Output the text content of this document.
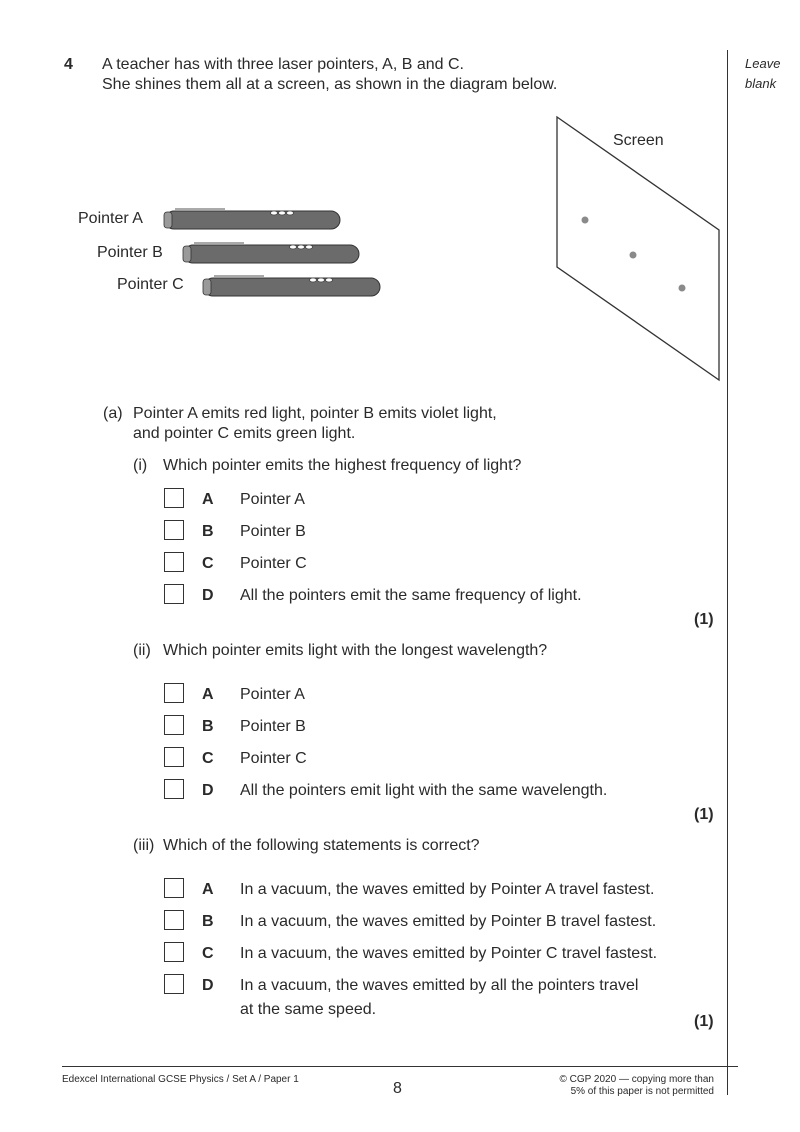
Leave
blank
4 A teacher has with three laser pointers, A, B and C.
She shines them all at a screen, as shown in the diagram below.
Screen
Pointer A
Pointer B
Pointer C
(a) Pointer A emits red light, pointer B emits violet light,
and pointer C emits green light.
(i) Which pointer emits the highest frequency of light?
A Pointer A
B Pointer B
C Pointer C
D All the pointers emit the same frequency of light.
(1)
(ii) Which pointer emits light with the longest wavelength?
A Pointer A
B Pointer B
C Pointer C
D All the pointers emit light with the same wavelength.
(1)
(iii) Which of the following statements is correct?
A In a vacuum, the waves emitted by Pointer A travel fastest.
B In a vacuum, the waves emitted by Pointer B travel fastest.
C In a vacuum, the waves emitted by Pointer C travel fastest.
D In a vacuum, the waves emitted by all the pointers travel
at the same speed.
(1)
Edexcel International GCSE Physics / Set A / Paper 1
8
© CGP 2020 — copying more than
5% of this paper is not permitted
